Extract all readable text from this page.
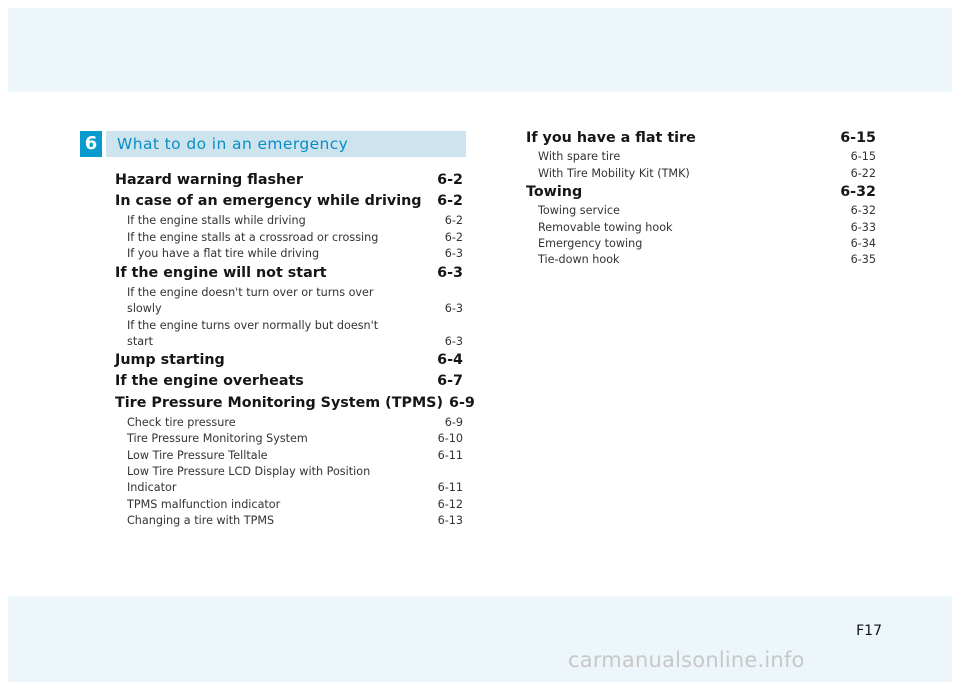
6	What to do in an emergency
Hazard warning flasher	6-2
In case of an emergency while driving 6-2
If the engine stalls while driving	6-2
If the engine stalls at a crossroad or crossing	6-2
If you have a flat tire while driving	6-3
If the engine will not start	6-3
If the engine doesn't turn over or turns over
slowly	6-3
If the engine turns over normally but doesn't
start	6-3
Jump starting	6-4
If the engine overheats	6-7
Tire Pressure Monitoring System (TPMS) 6-9
Check tire pressure	6-9
Tire Pressure Monitoring System	6-10
Low Tire Pressure Telltale	6-11
Low Tire Pressure LCD Display with Position
Indicator	6-11
TPMS malfunction indicator	6-12
Changing a tire with TPMS	6-13
If you have a flat tire	6-15
With spare tire	6-15
With Tire Mobility Kit (TMK)	6-22
Towing	6-32
Towing service	6-32
Removable towing hook	6-33
Emergency towing	6-34
Tie-down hook	6-35
F17
carmanualsonline.info
